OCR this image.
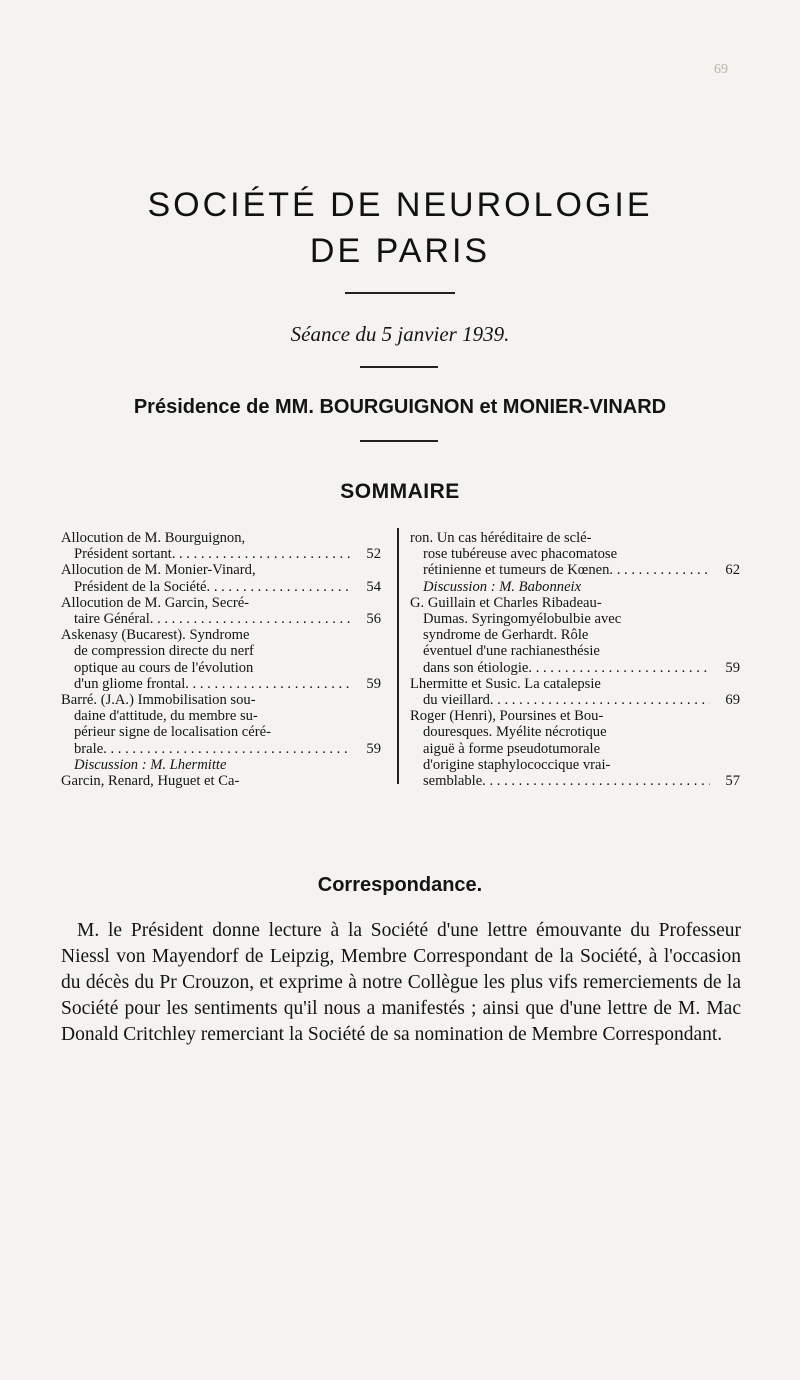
69
SOCIÉTÉ DE NEUROLOGIE
DE PARIS
Séance du 5 janvier 1939.
Présidence de MM. BOURGUIGNON et MONIER-VINARD
SOMMAIRE
Allocution de M. Bourguignon,
Président sortant . . .	52
Allocution de M. Monier-Vinard,
Président de la Société . . .	54
Allocution de M. Garcin, Secré-
taire Général . . .	56
Askenasy (Bucarest). Syndrome
de compression directe du nerf
optique au cours de l'évolution
d'un gliome frontal . . .	59
Barré. (J.A.) Immobilisation sou-
daine d'attitude, du membre su-
périeur signe de localisation céré-
brale . . .	59
Discussion : M. Lhermitte
Garcin, Renard, Huguet et Ca-
ron. Un cas héréditaire de sclé-
rose tubéreuse avec phacomatose
rétinienne et tumeurs de Kœnen . . .	62
Discussion : M. Babonneix
G. Guillain et Charles Ribadeau-
Dumas. Syringomyélobulbie avec
syndrome de Gerhardt. Rôle
éventuel d'une rachianesthésie
dans son étiologie . . .	59
Lhermitte et Susic. La catalepsie
du vieillard . . .	69
Roger (Henri), Poursines et Bou-
douresques. Myélite nécrotique
aiguë à forme pseudotumorale
d'origine staphylococcique vrai-
semblable . . .	57
Correspondance.
M. le Président donne lecture à la Société d'une lettre émouvante du Professeur Niessl von Mayendorf de Leipzig, Membre Correspondant de la Société, à l'occasion du décès du Pr Crouzon, et exprime à notre Collègue les plus vifs remerciements de la Société pour les sentiments qu'il nous a manifestés ; ainsi que d'une lettre de M. Mac Donald Critchley remerciant la Société de sa nomination de Membre Correspondant.
